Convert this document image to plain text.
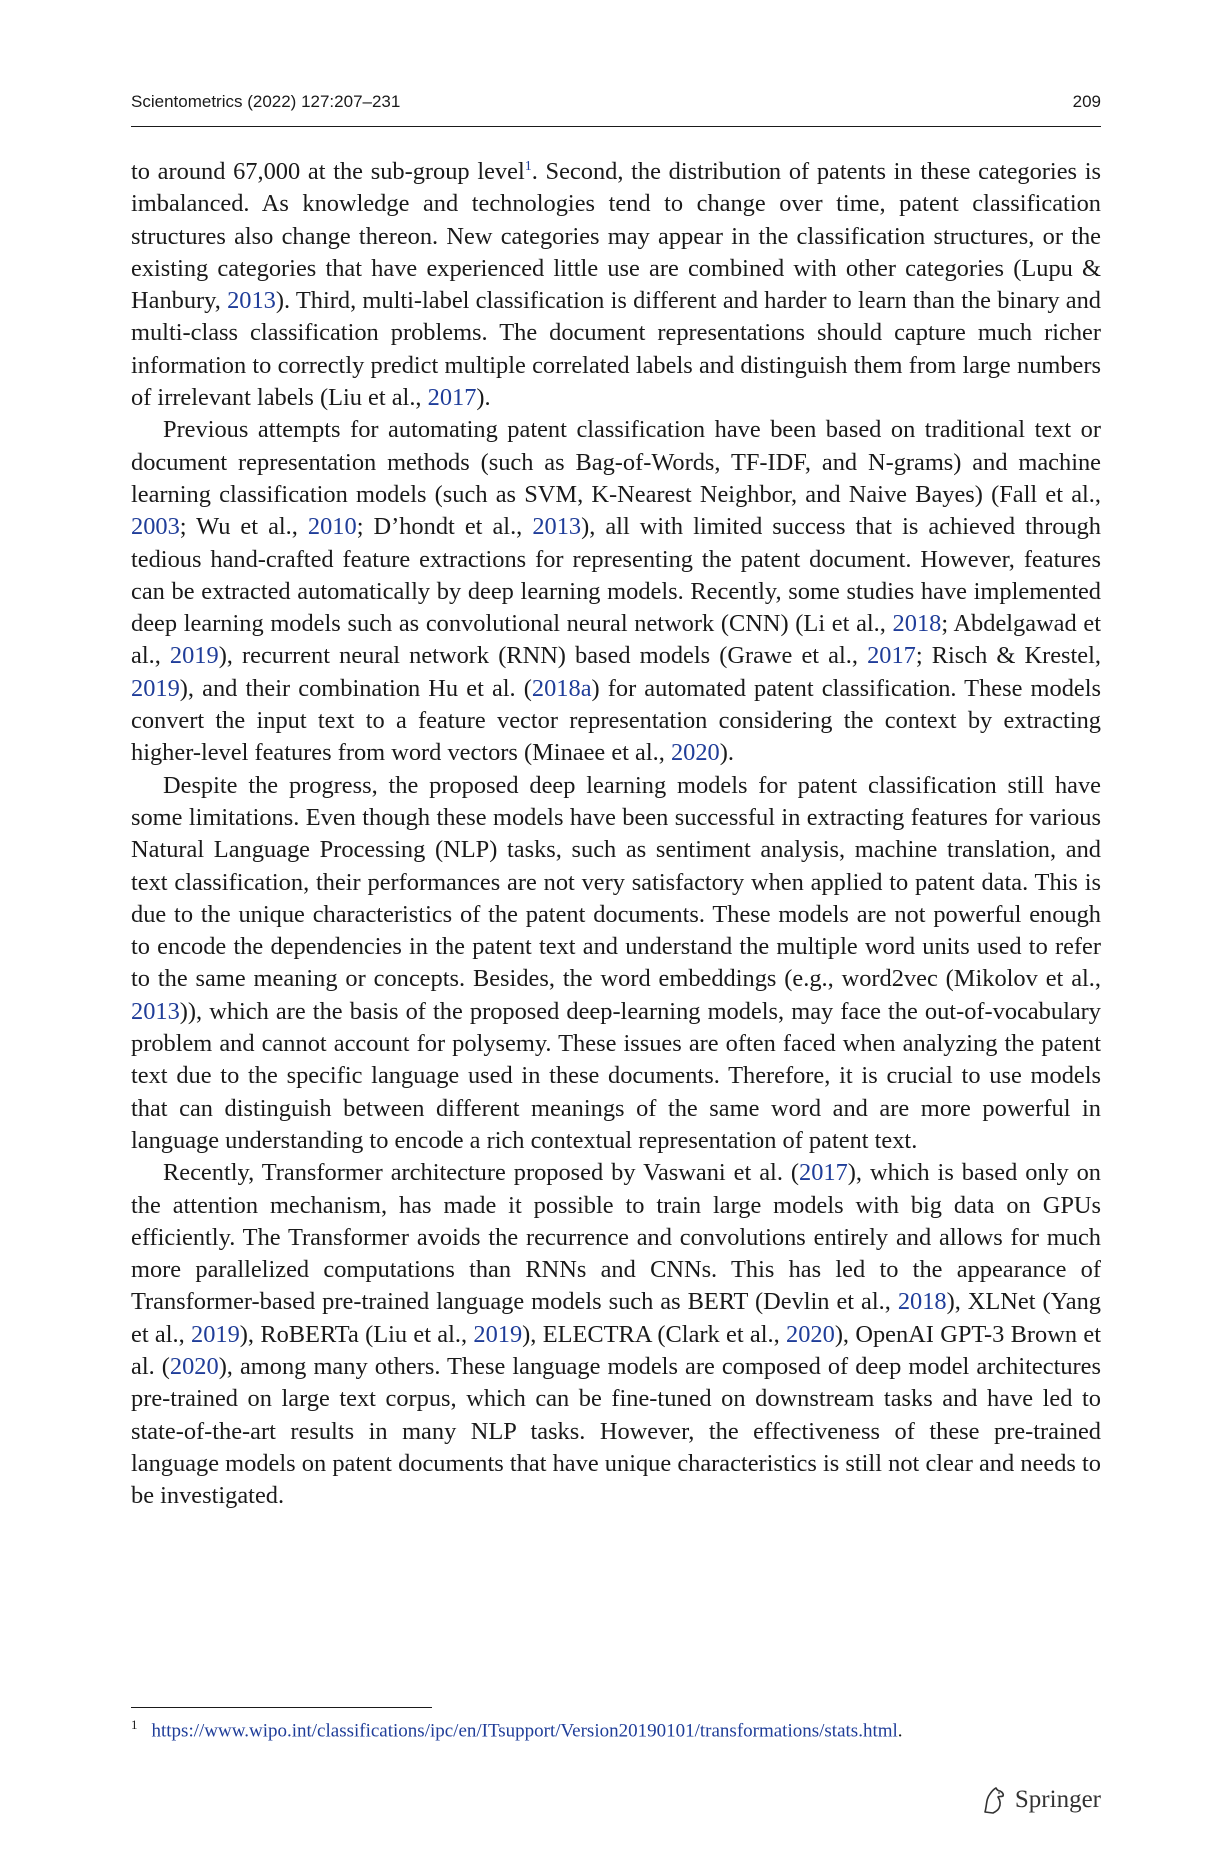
Scientometrics (2022) 127:207–231	209

to around 67,000 at the sub-group level$^1$. Second, the distribution of patents in these categories is imbalanced. As knowledge and technologies tend to change over time, patent classification structures also change thereon. New categories may appear in the classification structures, or the existing categories that have experienced little use are combined with other categories (Lupu & Hanbury, 2013). Third, multi-label classification is different and harder to learn than the binary and multi-class classification problems. The document representations should capture much richer information to correctly predict multiple correlated labels and distinguish them from large numbers of irrelevant labels (Liu et al., 2017).

Previous attempts for automating patent classification have been based on traditional text or document representation methods (such as Bag-of-Words, TF-IDF, and N-grams) and machine learning classification models (such as SVM, K-Nearest Neighbor, and Naive Bayes) (Fall et al., 2003; Wu et al., 2010; D’hondt et al., 2013), all with limited success that is achieved through tedious hand-crafted feature extractions for representing the patent document. However, features can be extracted automatically by deep learning models. Recently, some studies have implemented deep learning models such as convolutional neural network (CNN) (Li et al., 2018; Abdelgawad et al., 2019), recurrent neural network (RNN) based models (Grawe et al., 2017; Risch & Krestel, 2019), and their combination Hu et al. (2018a) for automated patent classification. These models convert the input text to a feature vector representation considering the context by extracting higher-level features from word vectors (Minaee et al., 2020).

Despite the progress, the proposed deep learning models for patent classification still have some limitations. Even though these models have been successful in extracting features for various Natural Language Processing (NLP) tasks, such as sentiment analysis, machine translation, and text classification, their performances are not very satisfactory when applied to patent data. This is due to the unique characteristics of the patent documents. These models are not powerful enough to encode the dependencies in the patent text and understand the multiple word units used to refer to the same meaning or concepts. Besides, the word embeddings (e.g., word2vec (Mikolov et al., 2013)), which are the basis of the proposed deep-learning models, may face the out-of-vocabulary problem and cannot account for polysemy. These issues are often faced when analyzing the patent text due to the specific language used in these documents. Therefore, it is crucial to use models that can distinguish between different meanings of the same word and are more powerful in language understanding to encode a rich contextual representation of patent text.

Recently, Transformer architecture proposed by Vaswani et al. (2017), which is based only on the attention mechanism, has made it possible to train large models with big data on GPUs efficiently. The Transformer avoids the recurrence and convolutions entirely and allows for much more parallelized computations than RNNs and CNNs. This has led to the appearance of Transformer-based pre-trained language models such as BERT (Devlin et al., 2018), XLNet (Yang et al., 2019), RoBERTa (Liu et al., 2019), ELECTRA (Clark et al., 2020), OpenAI GPT-3 Brown et al. (2020), among many others. These language models are composed of deep model architectures pre-trained on large text corpus, which can be fine-tuned on downstream tasks and have led to state-of-the-art results in many NLP tasks. However, the effectiveness of these pre-trained language models on patent documents that have unique characteristics is still not clear and needs to be investigated.

$^1$ https://www.wipo.int/classifications/ipc/en/ITsupport/Version20190101/transformations/stats.html.
Springer
